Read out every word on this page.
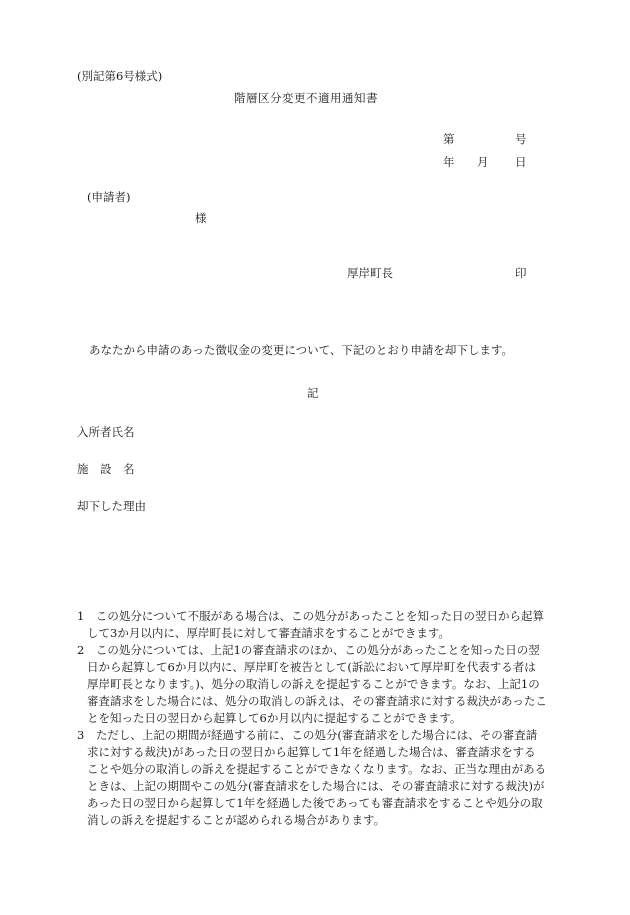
(別記第6号様式)
階層区分変更不適用通知書
第	号
年 月 日
(申請者)
様
厚岸町長	印
あなたから申請のあった徴収金の変更について、下記のとおり申請を却下します。
記
入所者氏名
施　設　名
却下した理由

1　この処分について不服がある場合は、この処分があったことを知った日の翌日から起算して3か月以内に、厚岸町長に対して審査請求をすることができます。

2　この処分については、上記1の審査請求のほか、この処分があったことを知った日の翌日から起算して6か月以内に、厚岸町を被告として(訴訟において厚岸町を代表する者は厚岸町長となります。)、処分の取消しの訴えを提起することができます。なお、上記1の審査請求をした場合には、処分の取消しの訴えは、その審査請求に対する裁決があったことを知った日の翌日から起算して6か月以内に提起することができます。

3　ただし、上記の期間が経過する前に、この処分(審査請求をした場合には、その審査請求に対する裁決)があった日の翌日から起算して1年を経過した場合は、審査請求をすることや処分の取消しの訴えを提起することができなくなります。なお、正当な理由があるときは、上記の期間やこの処分(審査請求をした場合には、その審査請求に対する裁決)があった日の翌日から起算して1年を経過した後であっても審査請求をすることや処分の取消しの訴えを提起することが認められる場合があります。
